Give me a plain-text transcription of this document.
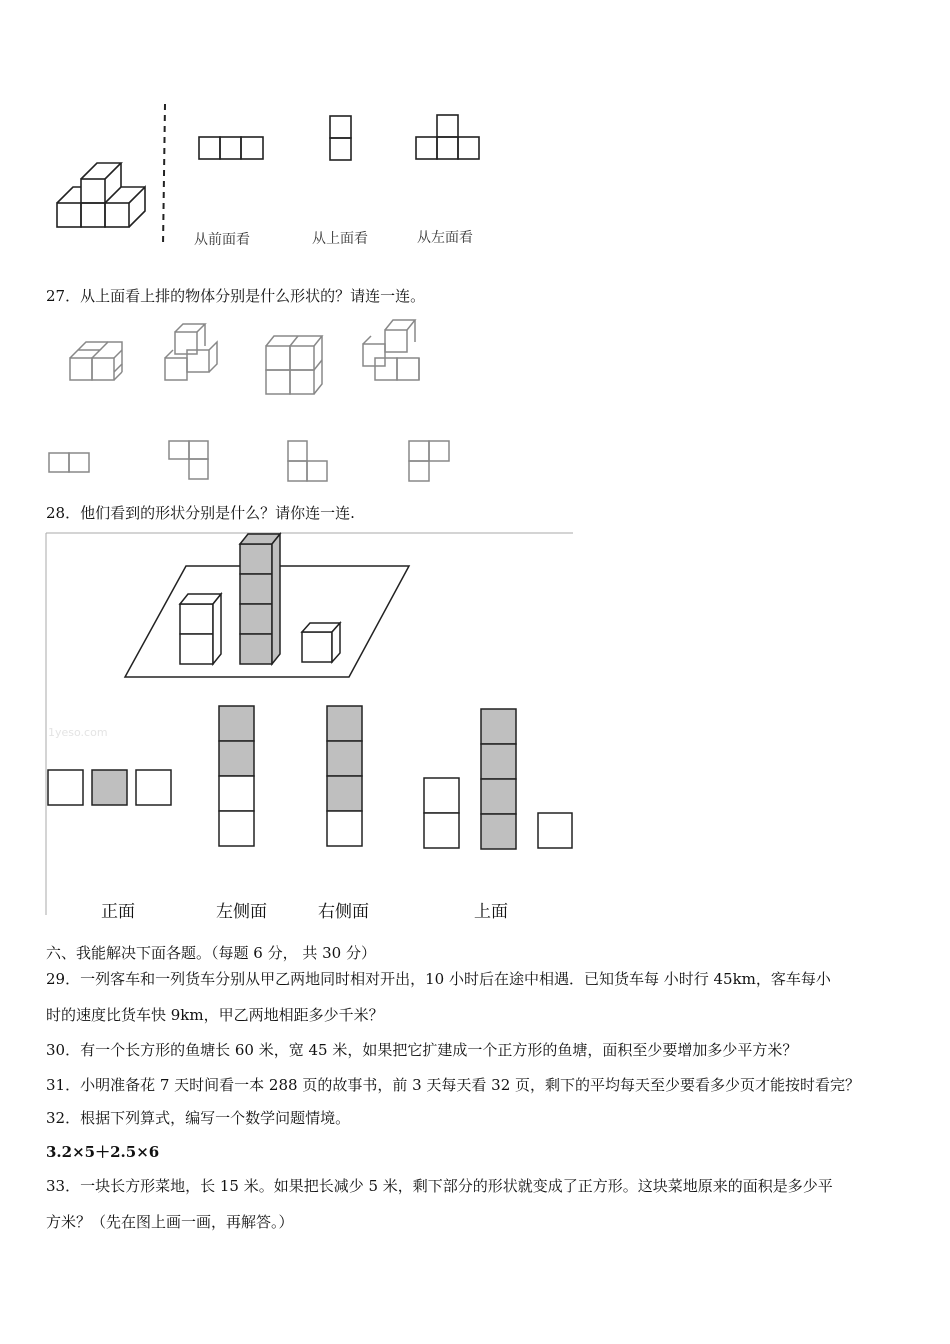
从前面看	从上面看	从左面看
27．从上面看上排的物体分别是什么形状的？请连一连。
28．他们看到的形状分别是什么？请你连一连.
1yeso.com
正面	左侧面	右侧面	上面
六、我能解决下面各题。（每题 6 分， 共 30 分）
29．一列客车和一列货车分别从甲乙两地同时相对开出，10 小时后在途中相遇．已知货车每 小时行 45km，客车每小
时的速度比货车快 9km，甲乙两地相距多少千米？
30．有一个长方形的鱼塘长 60 米，宽 45 米，如果把它扩建成一个正方形的鱼塘，面积至少要增加多少平方米？
31．小明准备花 7 天时间看一本 288 页的故事书，前 3 天每天看 32 页，剩下的平均每天至少要看多少页才能按时看完？
32．根据下列算式，编写一个数学问题情境。
3.2×5＋2.5×6
33．一块长方形菜地，长 15 米。如果把长减少 5 米，剩下部分的形状就变成了正方形。这块菜地原来的面积是多少平
方米？（先在图上画一画，再解答。）
